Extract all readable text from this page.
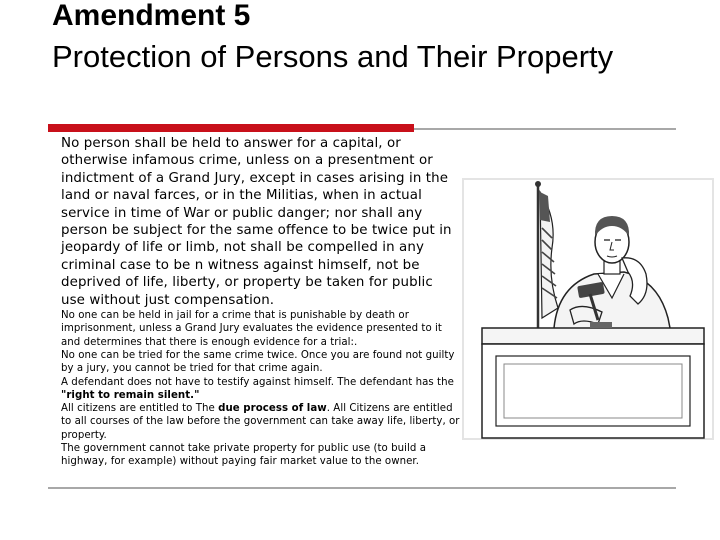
Amendment 5
Protection of Persons and Their Property

No person shall be held to answer for a capital, or otherwise infamous crime, unless on a presentment or indictment of a Grand Jury, except in cases arising in the land or naval farces, or in the Militias, when in actual service in time of War or public danger; nor shall any person be subject for the same offence to be twice put in jeopardy of life or limb, not shall be compelled in any criminal case to be n witness against himself, not be deprived of life, liberty, or property be taken for public use without just compensation.

No one can be held in jail for a crime that is punishable by death or imprisonment, unless a Grand Jury evaluates the evidence presented to it and determines that there is enough evidence for a trial:.

No one can be tried for the same crime twice. Once you are found not guilty by a jury, you cannot be tried for that crime again.

A defendant does not have to testify against himself. The defendant has the "right to remain silent."

All citizens are entitled to The due process of law. All Citizens are entitled to all courses of the law before the government can take away life, liberty, or property.

The government cannot take private property for public use (to build a highway, for example) without paying fair market value to the owner.
